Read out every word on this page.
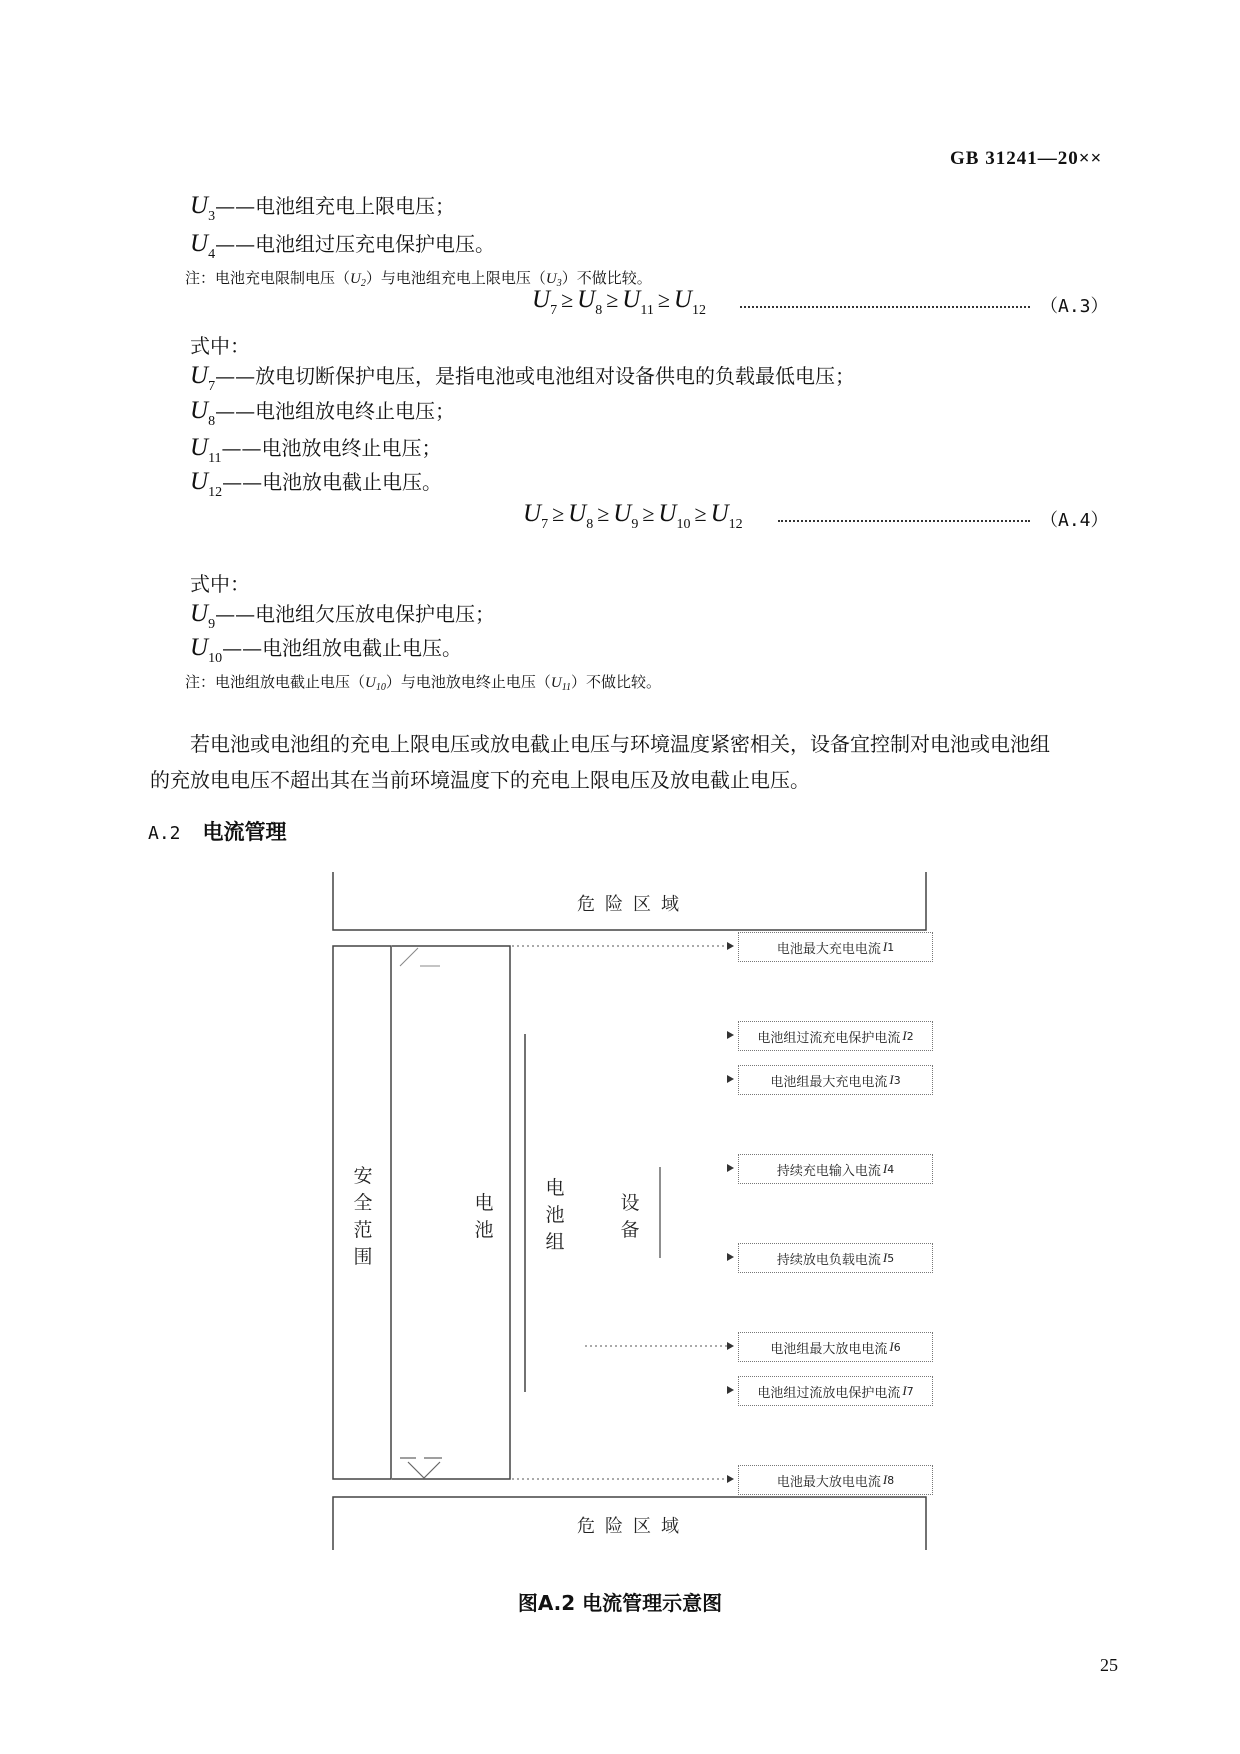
GB 31241—20××
$U_3——$电池组充电上限电压；
$U_4——$电池组过压充电保护电压。
注：电池充电限制电压$(U_2)$与电池组充电上限电压$(U_3)$不做比较。
$U_7 \ge U_8 \ge U_{11} \ge U_{12}$	（A.3）
式中：
$U_7——$放电切断保护电压，是指电池或电池组对设备供电的负载最低电压；
$U_8——$电池组放电终止电压；
$U_{11}——$电池放电终止电压；
$U_{12}——$电池放电截止电压。
$U_7 \ge U_8 \ge U_9 \ge U_{10} \ge U_{12}$	（A.4）
式中：
$U_9——$电池组欠压放电保护电压；
$U_{10}——$电池组放电截止电压。
注：电池组放电截止电压$(U_{10})$与电池放电终止电压$(U_{11})$不做比较。
若电池或电池组的充电上限电压或放电截止电压与环境温度紧密相关，设备宜控制对电池或电池组
的充放电电压不超出其在当前环境温度下的充电上限电压及放电截止电压。
A.2 电流管理
危险区域
危险区域
安
全
范
围
电
池
电
池
组
设
备
电池最大充电电流 I 1
电池组过流充电保护电流 I 2
电池组最大充电电流 I 3
持续充电输入电流 I 4
持续放电负载电流 I 5
电池组最大放电电流 I 6
电池组过流放电保护电流 I 7
电池最大放电电流 I 8
图A.2 电流管理示意图
25
